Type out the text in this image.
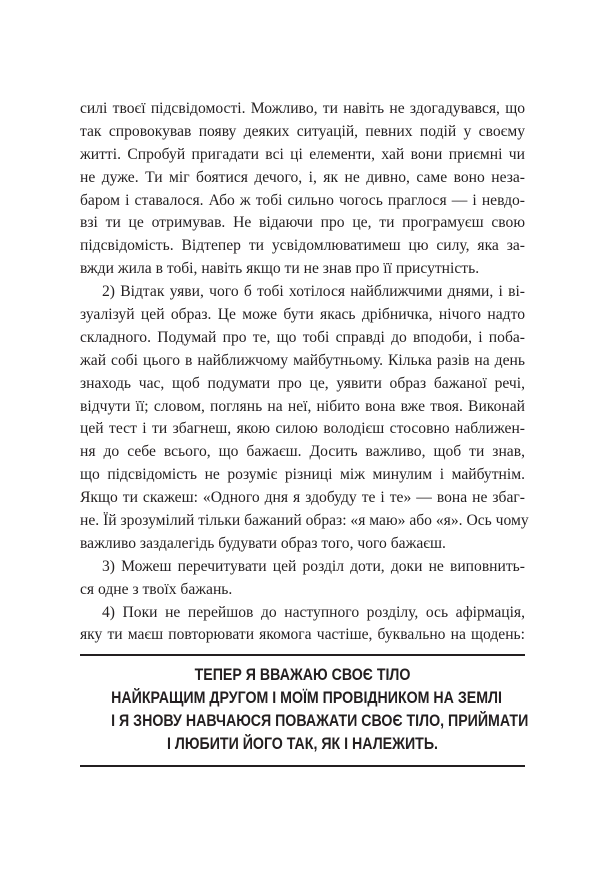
силі твоєї підсвідомості. Можливо, ти навіть не здогадувався, що
так спровокував появу деяких ситуацій, певних подій у своєму
житті. Спробуй пригадати всі ці елементи, хай вони приємні чи
не дуже. Ти міг боятися дечого, і, як не дивно, саме воно неза-
баром і ставалося. Або ж тобі сильно чогось праглося — і невдо-
взі ти це отримував. Не відаючи про це, ти програмуєш свою
підсвідомість. Відтепер ти усвідомлюватимеш цю силу, яка за-
вжди жила в тобі, навіть якщо ти не знав про її присутність.
2) Відтак уяви, чого б тобі хотілося найближчими днями, і ві-
зуалізуй цей образ. Це може бути якась дрібничка, нічого надто
складного. Подумай про те, що тобі справді до вподоби, і поба-
жай собі цього в найближчому майбутньому. Кілька разів на день
знаходь час, щоб подумати про це, уявити образ бажаної речі,
відчути її; словом, поглянь на неї, нібито вона вже твоя. Виконай
цей тест і ти збагнеш, якою силою володієш стосовно наближен-
ня до себе всього, що бажаєш. Досить важливо, щоб ти знав,
що підсвідомість не розуміє різниці між минулим і майбутнім.
Якщо ти скажеш: «Одного дня я здобуду те і те» — вона не збаг-
не. Їй зрозумілий тільки бажаний образ: «я маю» або «я». Ось чому
важливо заздалегідь будувати образ того, чого бажаєш.
3) Можеш перечитувати цей розділ доти, доки не виповнить-
ся одне з твоїх бажань.
4) Поки не перейшов до наступного розділу, ось афірмація,
яку ти маєш повторювати якомога частіше, буквально на щодень:
ТЕПЕР Я ВВАЖАЮ СВОЄ ТІЛО
НАЙКРАЩИМ ДРУГОМ І МОЇМ ПРОВІДНИКОМ НА ЗЕМЛІ
І Я ЗНОВУ НАВЧАЮСЯ ПОВАЖАТИ СВОЄ ТІЛО, ПРИЙМАТИ
І ЛЮБИТИ ЙОГО ТАК, ЯК І НАЛЕЖИТЬ.
